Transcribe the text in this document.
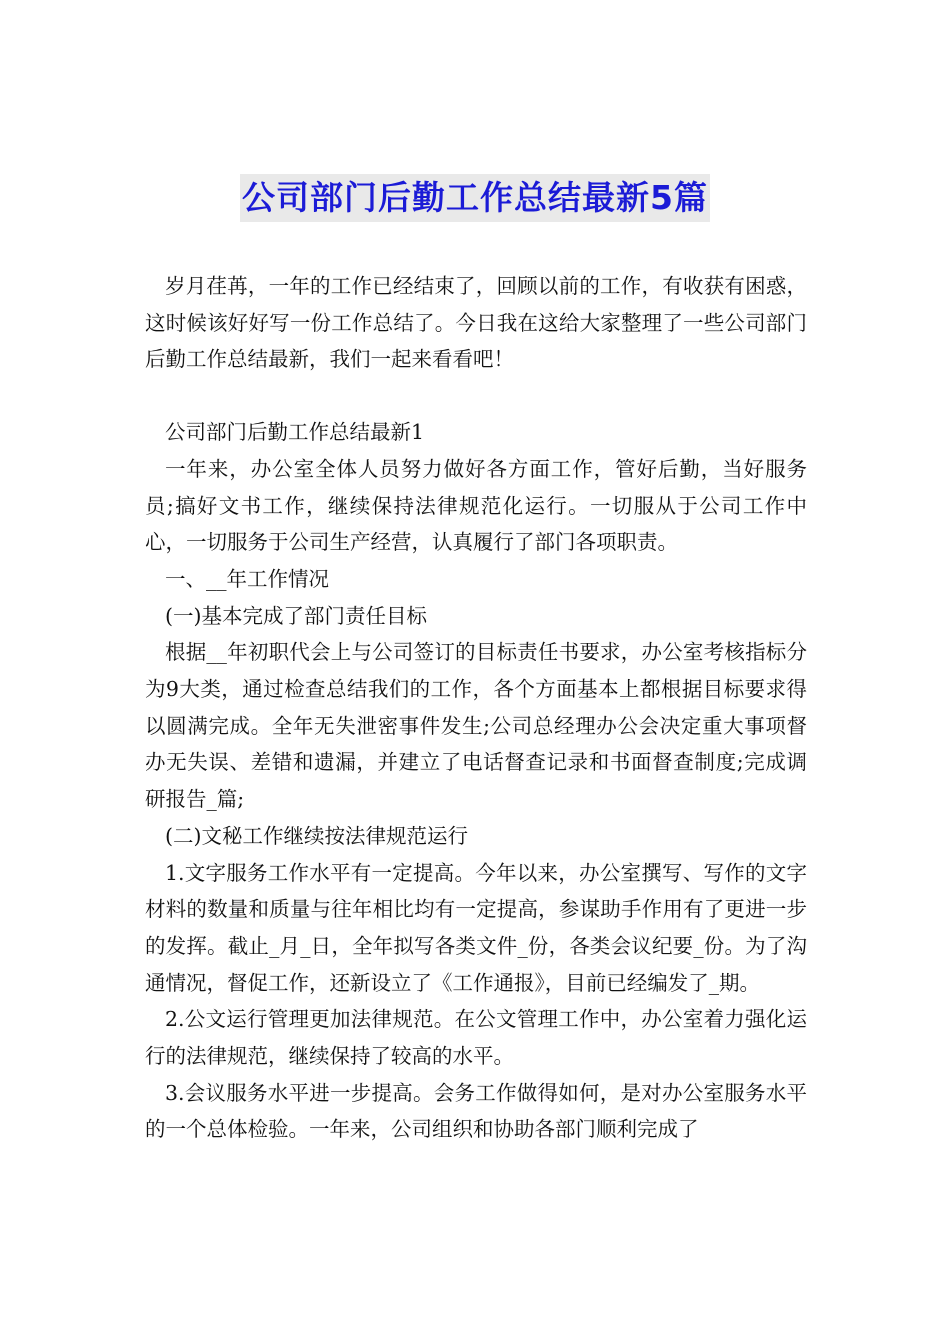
公司部门后勤工作总结最新5篇

岁月荏苒，一年的工作已经结束了，回顾以前的工作，有收获有困惑，这时候该好好写一份工作总结了。今日我在这给大家整理了一些公司部门后勤工作总结最新，我们一起来看看吧！

公司部门后勤工作总结最新1

一年来，办公室全体人员努力做好各方面工作，管好后勤，当好服务员;搞好文书工作，继续保持法律规范化运行。一切服从于公司工作中心，一切服务于公司生产经营，认真履行了部门各项职责。

一、__年工作情况

(一)基本完成了部门责任目标

根据__年初职代会上与公司签订的目标责任书要求，办公室考核指标分为9大类，通过检查总结我们的工作，各个方面基本上都根据目标要求得以圆满完成。全年无失泄密事件发生;公司总经理办公会决定重大事项督办无失误、差错和遗漏，并建立了电话督查记录和书面督查制度;完成调研报告_篇;

(二)文秘工作继续按法律规范运行

1.文字服务工作水平有一定提高。今年以来，办公室撰写、写作的文字材料的数量和质量与往年相比均有一定提高，参谋助手作用有了更进一步的发挥。截止_月_日，全年拟写各类文件_份，各类会议纪要_份。为了沟通情况，督促工作，还新设立了《工作通报》，目前已经编发了_期。

2.公文运行管理更加法律规范。在公文管理工作中，办公室着力强化运行的法律规范，继续保持了较高的水平。

3.会议服务水平进一步提高。会务工作做得如何，是对办公室服务水平的一个总体检验。一年来，公司组织和协助各部门顺利完成了
